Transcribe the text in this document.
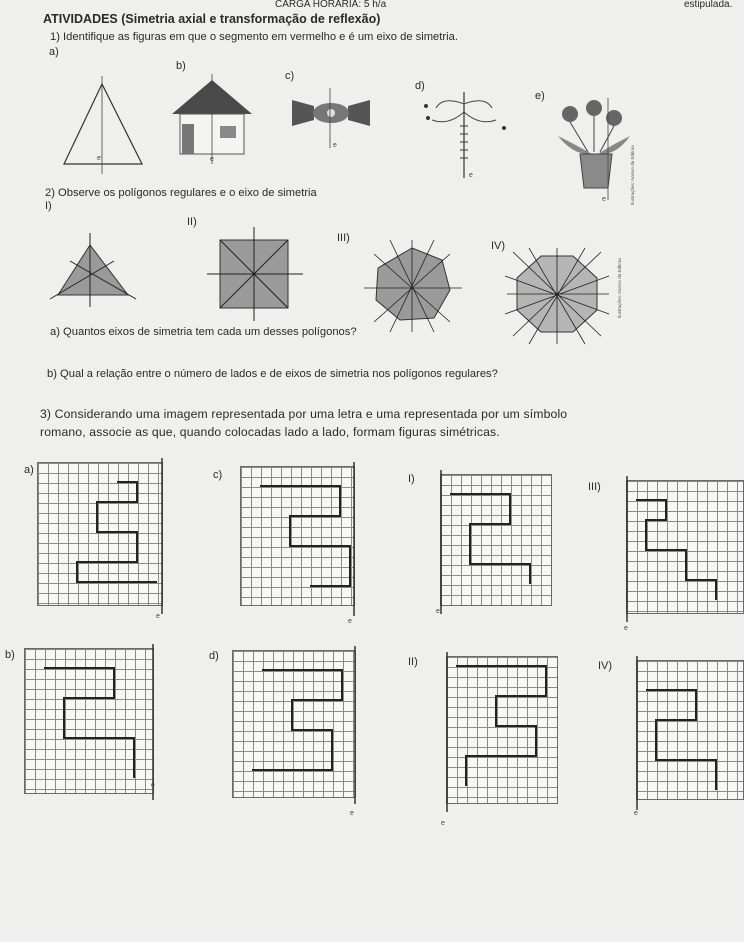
CARGA HORÁRIA: 5 h/a	estipulada.
ATIVIDADES (Simetria axial e transformação de reflexão)
1) Identifique as figuras em que o segmento em vermelho e é um eixo de simetria.
a)
b)
c)
d)
e)
e	e
e
e
e	Ilustrações: Acervo da Editora
2) Observe os polígonos regulares e o eixo de simetria
I)
II)
III)
IV)
Ilustrações: Acervo da Editora
a) Quantos eixos de simetria tem cada um desses polígonos?
b) Qual a relação entre o número de lados e de eixos de simetria nos polígonos regulares?
3) Considerando uma imagem representada por uma letra e uma representada por um símbolo
romano, associe as que, quando colocadas lado a lado, formam figuras simétricas.
a)	c)	I)
III)
e
e
e
e
b)	d)	II)	IV)
e
e
e
e
